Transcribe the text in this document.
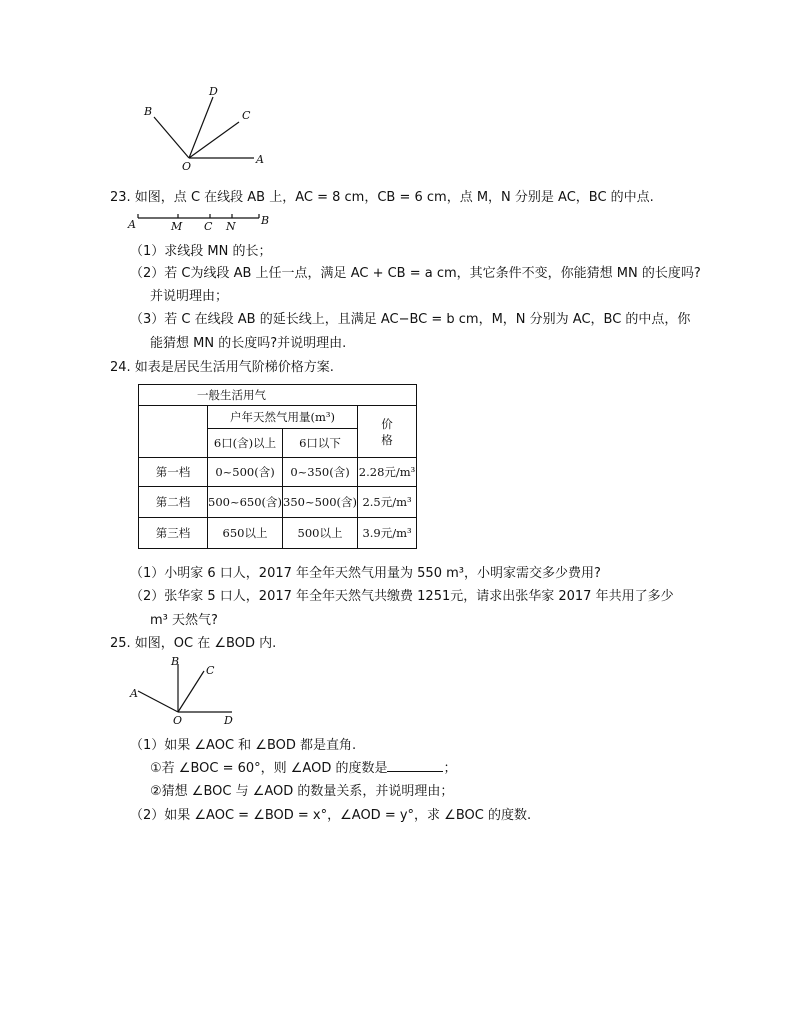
D
B	C
O
A
23. 如图，点 C 在线段 AB 上，AC = 8 cm，CB = 6 cm，点 M，N 分别是 AC，BC 的中点.
A	M C N B
（1）求线段 MN 的长；
（2）若 C为线段 AB 上任一点，满足 AC + CB = a cm，其它条件不变，你能猜想 MN 的长度吗?
并说明理由；
（3）若 C 在线段 AB 的延长线上，且满足 AC−BC = b cm，M，N 分别为 AC，BC 的中点，你
能猜想 MN 的长度吗?并说明理由.
24. 如表是居民生活用气阶梯价格方案.
一般生活用气			
	户年天然气用量(m³)		价格
	6口(含)以上	6口以下	
第一档	0~500(含)	0~350(含)	2.28元/m³
第二档	500~650(含)	350~500(含)	2.5元/m³
第三档	650以上	500以上	3.9元/m³
（1）小明家 6 口人，2017 年全年天然气用量为 550 m³，小明家需交多少费用?
（2）张华家 5 口人，2017 年全年天然气共缴费 1251元，请求出张华家 2017 年共用了多少
m³ 天然气?
25. 如图，OC 在 ∠BOD 内.
B
C
A
O	D
（1）如果 ∠AOC 和 ∠BOD 都是直角.
①若 ∠BOC = 60°，则 ∠AOD 的度数是	；
②猜想 ∠BOC 与 ∠AOD 的数量关系，并说明理由；
（2）如果 ∠AOC = ∠BOD = x°，∠AOD = y°，求 ∠BOC 的度数.
